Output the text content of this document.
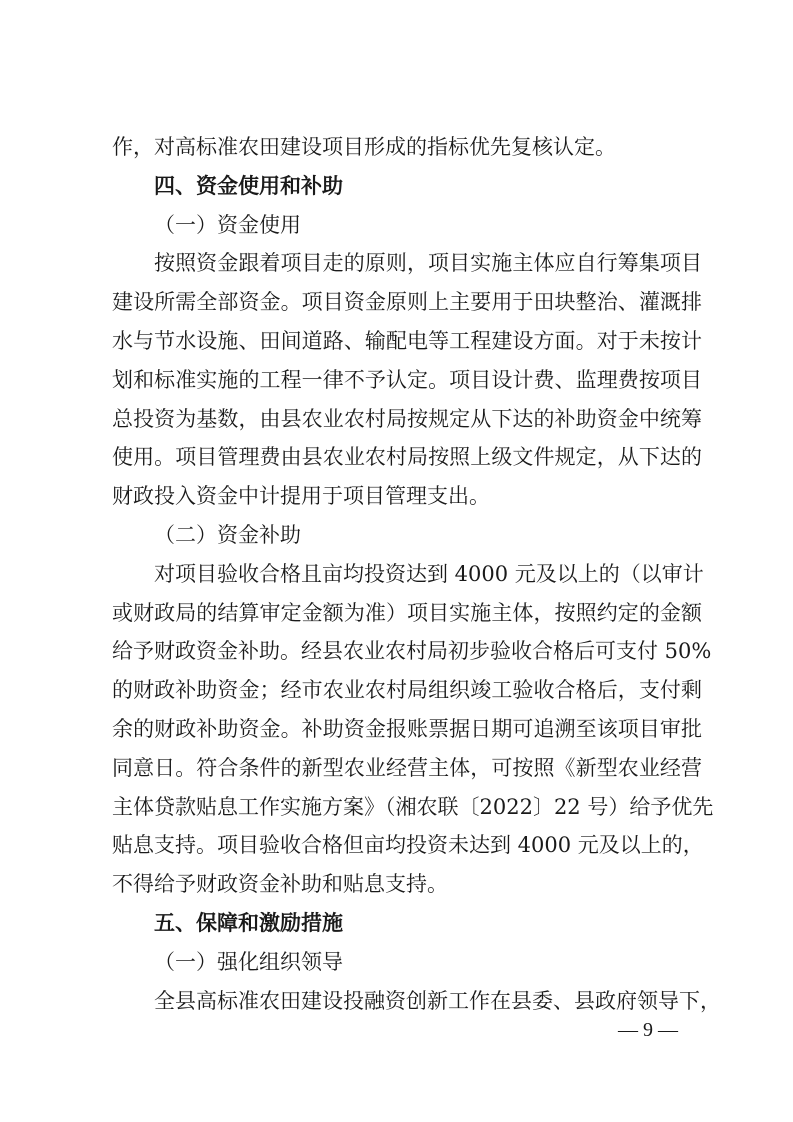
作，对高标准农田建设项目形成的指标优先复核认定。
四、资金使用和补助
（一）资金使用
按照资金跟着项目走的原则，项目实施主体应自行筹集项目
建设所需全部资金。项目资金原则上主要用于田块整治、灌溉排
水与节水设施、田间道路、输配电等工程建设方面。对于未按计
划和标准实施的工程一律不予认定。项目设计费、监理费按项目
总投资为基数，由县农业农村局按规定从下达的补助资金中统筹
使用。项目管理费由县农业农村局按照上级文件规定，从下达的
财政投入资金中计提用于项目管理支出。
（二）资金补助
对项目验收合格且亩均投资达到 4000 元及以上的（以审计
或财政局的结算审定金额为准）项目实施主体，按照约定的金额
给予财政资金补助。经县农业农村局初步验收合格后可支付 50%
的财政补助资金；经市农业农村局组织竣工验收合格后，支付剩
余的财政补助资金。补助资金报账票据日期可追溯至该项目审批
同意日。符合条件的新型农业经营主体，可按照《新型农业经营
主体贷款贴息工作实施方案》（湘农联〔2022〕22 号）给予优先
贴息支持。项目验收合格但亩均投资未达到 4000 元及以上的，
不得给予财政资金补助和贴息支持。
五、保障和激励措施
（一）强化组织领导
全县高标准农田建设投融资创新工作在县委、县政府领导下，
— 9 —
